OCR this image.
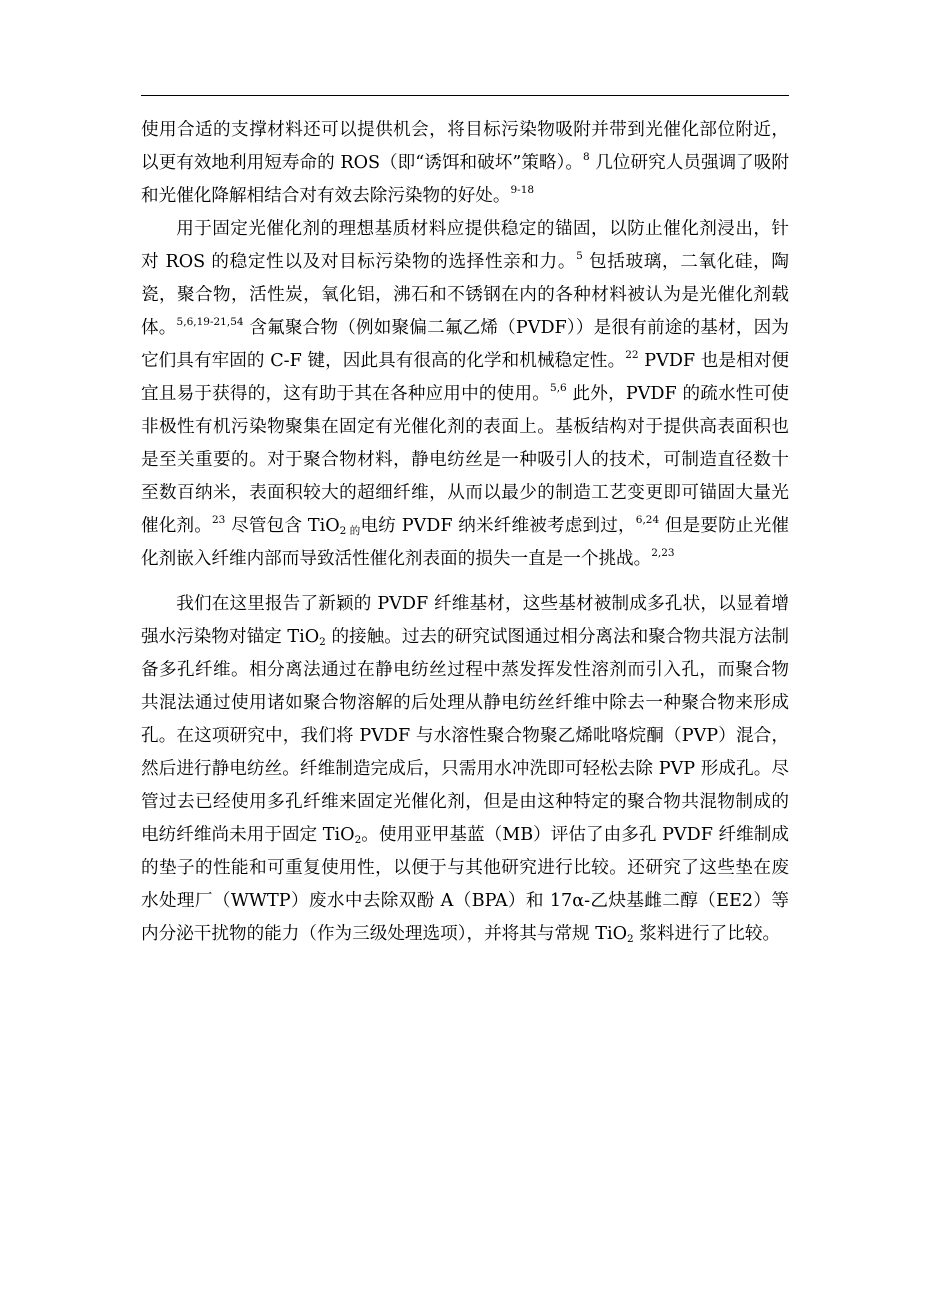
使用合适的支撑材料还可以提供机会，将目标污染物吸附并带到光催化部位附近，以更有效地利用短寿命的 ROS（即“诱饵和破坏”策略）。$^8$ 几位研究人员强调了吸附和光催化降解相结合对有效去除污染物的好处。$^{9-18}$

用于固定光催化剂的理想基质材料应提供稳定的锚固，以防止催化剂浸出，针对 ROS 的稳定性以及对目标污染物的选择性亲和力。$^5$ 包括玻璃，二氧化硅，陶瓷，聚合物，活性炭，氧化铝，沸石和不锈钢在内的各种材料被认为是光催化剂载体。$^{5,6,19-21,54}$ 含氟聚合物（例如聚偏二氟乙烯（PVDF））是很有前途的基材，因为它们具有牢固的 C-F 键，因此具有很高的化学和机械稳定性。$^{22}$ PVDF 也是相对便宜且易于获得的，这有助于其在各种应用中的使用。$^{5,6}$ 此外，PVDF 的疏水性可使非极性有机污染物聚集在固定有光催化剂的表面上。基板结构对于提供高表面积也是至关重要的。对于聚合物材料，静电纺丝是一种吸引人的技术，可制造直径数十至数百纳米，表面积较大的超细纤维，从而以最少的制造工艺变更即可锚固大量光催化剂。$^{23}$ 尽管包含 TiO$_{2 的}$电纺 PVDF 纳米纤维被考虑到过，$^{6,24}$ 但是要防止光催化剂嵌入纤维内部而导致活性催化剂表面的损失一直是一个挑战。$^{2,23}$

我们在这里报告了新颖的 PVDF 纤维基材，这些基材被制成多孔状，以显着增强水污染物对锚定 TiO$_2$ 的接触。过去的研究试图通过相分离法和聚合物共混方法制备多孔纤维。相分离法通过在静电纺丝过程中蒸发挥发性溶剂而引入孔，而聚合物共混法通过使用诸如聚合物溶解的后处理从静电纺丝纤维中除去一种聚合物来形成孔。在这项研究中，我们将 PVDF 与水溶性聚合物聚乙烯吡咯烷酮（PVP）混合，然后进行静电纺丝。纤维制造完成后，只需用水冲洗即可轻松去除 PVP 形成孔。尽管过去已经使用多孔纤维来固定光催化剂，但是由这种特定的聚合物共混物制成的电纺纤维尚未用于固定 TiO$_2$。使用亚甲基蓝（MB）评估了由多孔 PVDF 纤维制成的垫子的性能和可重复使用性，以便于与其他研究进行比较。还研究了这些垫在废水处理厂（WWTP）废水中去除双酚 A（BPA）和 17α-乙炔基雌二醇（EE2）等内分泌干扰物的能力（作为三级处理选项），并将其与常规 TiO$_2$ 浆料进行了比较。
